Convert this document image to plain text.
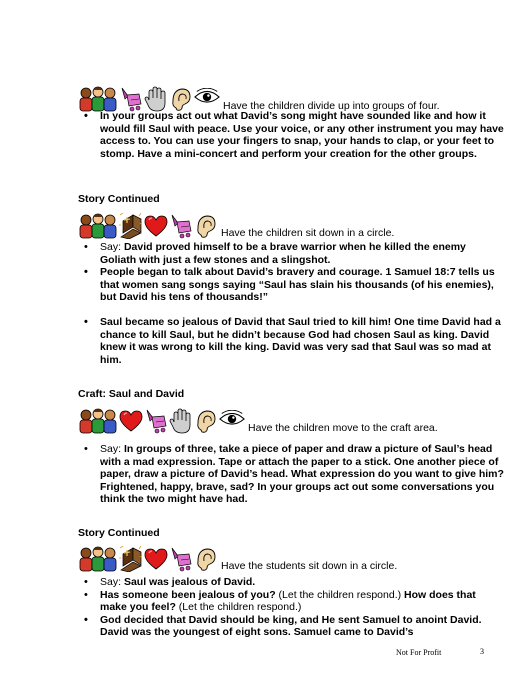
Have the children divide up into groups of four.
• In your groups act out what David’s song might have sounded like and how it would fill Saul with peace. Use your voice, or any other instrument you may have access to. You can use your fingers to snap, your hands to clap, or your feet to stomp. Have a mini-concert and perform your creation for the other groups.
Story Continued
Have the children sit down in a circle.
• Say: David proved himself to be a brave warrior when he killed the enemy Goliath with just a few stones and a slingshot.
• People began to talk about David’s bravery and courage. 1 Samuel 18:7 tells us that women sang songs saying “Saul has slain his thousands (of his enemies), but David his tens of thousands!”
• Saul became so jealous of David that Saul tried to kill him! One time David had a chance to kill Saul, but he didn’t because God had chosen Saul as king. David knew it was wrong to kill the king. David was very sad that Saul was so mad at him.
Craft: Saul and David
Have the children move to the craft area.
• Say: In groups of three, take a piece of paper and draw a picture of Saul’s head with a mad expression. Tape or attach the paper to a stick. One another piece of paper, draw a picture of David’s head. What expression do you want to give him? Frightened, happy, brave, sad? In your groups act out some conversations you think the two might have had.
Story Continued
Have the students sit down in a circle.
• Say: Saul was jealous of David.
• Has someone been jealous of you? (Let the children respond.) How does that make you feel? (Let the children respond.)
• God decided that David should be king, and He sent Samuel to anoint David. David was the youngest of eight sons. Samuel came to David’s
Not For Profit	3
